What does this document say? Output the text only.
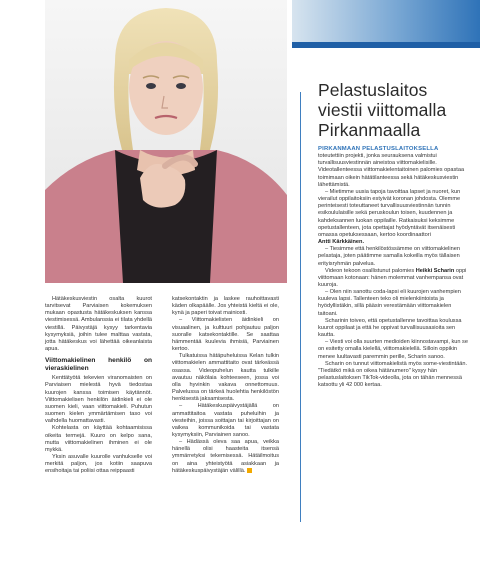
Pelastuslaitos viestii viittomalla Pirkanmaalla

PIRKANMAAN PELASTUSLAITOKSELLA
toteutettiin projekti, jonka seurauksena valmistui turvallisuusviestinnän aineistoa viittomakielisille. Videotallenteessa viittomakielentaitoinen palomies opastaa toimimaan oikein hätätilanteessa sekä hätäkeskusviestin lähettämistä.

– Mietimme uusia tapoja tavoittaa lapset ja nuoret, kun vierailut oppilaitoksiin estyivät koronan johdosta. Olemme perinteisesti toteuttaneet turvallisuusviestinnän tunnin esikoululaisille sekä peruskoulun toisen, kuudennen ja kahdeksannen luokan oppilaille. Ratkaisuksi keksimme opetustallenteen, jota opettajat hyödyntävät itsenäisesti omassa opetuksessaan, kertoo koordinaattori

Antti Kärkkäinen.

– Tiesimme että henkilöstössämme on viittomakielinen pelastaja, joten päätimme samalla kokeilla myös tällaisen erityisryhmän palvelua.

Videon tekoon osallistunut palomies Heikki Scharin oppi viittomaan kotonaan: hänen molemmat vanhempansa ovat kuuroja.

– Olen niin sanottu coda-lapsi eli kuurojen vanhempien kuuleva lapsi. Tallenteen teko oli mielenkiintoista ja hyödyllistäkin, sillä pääsin verestämään viittomakielen taitoani.

Scharinin toiveo, että opetustallenne tavoittaa koulussa kuurot oppilaat ja että he oppivat turvallisuusasioita sen kautta.

– Viesti voi olla suurten medioiden kiinnostavampi, kun se on esitetty omalla kielellä, viittomakielellä. Silloin oppikin menee luultavasti paremmin perille, Scharin sanoo.

Scharin on tunnut viittomakielistä myös some-viestintään. "Tiedätkö mikä on oikea hätänumero" kysyy hän pelastuslaitoksen TikTok-videolla, jota on tähän mennessä katsottu yli 42 000 kertaa.

Hätäkeskusviestin osalta kuurot tarvitsevat Parviaisen kokemuksen mukaan opastusta hätäkeskuksen kanssa viestimisessä. Ambulanssia ei tilata yhdellä viestillä. Päivystäjä kysyy tarkentavia kysymyksiä, joihin tulee malttaa vastata, jotta hätäkeskus voi lähettää oikeanlaista apua.

Viittomakielinen henkilö on vieraskielinen

Kenttätyötä tekevien viranomaisten on Parviaisen mielestä hyvä tiedostaa kuurojen kanssa toimisen käytännöt. Viittomakielisen henkilön äidinkieli ei ole suomen kieli, vaan viittomakieli. Puhutun suomen kielen ymmärtämisen taso voi vaihdella huomattavasti.

Kohtelasta on käyttää kohtaamisissa oikeita termejä. Kuuro on kelpo sana, mutta viittomakielinen ihminen ei ole mykkä.

Yksin asuvalle kuurolle vanhukselle voi merkitä paljon, jos kotiin saapuva ensihoitaja tai poliisi ottaa reippaasti

katsekontaktin ja laskee rauhoittavasti käden olkapäälle. Jos yhteistä kieltä ei ole, kynä ja paperi toivat mainiosti.

– Viittomakielisten äidinkieli on visuaalinen, ja kulttuuri pohjautuu paljon suoralle katsekontaktille. Se saattaa hämmentää kuulevia ihmisiä, Parviainen kertoo.

Tulkatuissa hätäpuheluissa Kelan tulkin viittomakielen ammattitaito ovat tärkeässä osassa. Videopuhelun kautta tulkille avautuu näkölaia kohteeseen, jossa voi olla hyvinkin vakava onnettomuus. Palvelussa on tärkeä huolehtia henkilöstön henkisestä jaksamisesta.

– Hätäkeskuspäivystäjällä on ammattitaitoa vastata puheluihin ja viesteihin, joissa soittajan tai kirjoittajan on vaikea kommunikoida tai vastata kysymyksiin, Parviainen sanoo.

– Hädässä oleva saa apua, veikka hänellä olisi haasteita itsensä ymmärretyksi tekemisessä. Hätäilmoitus on aina yhteistyötä asiakkaan ja hätäkeskuspäivystäjän välillä.
